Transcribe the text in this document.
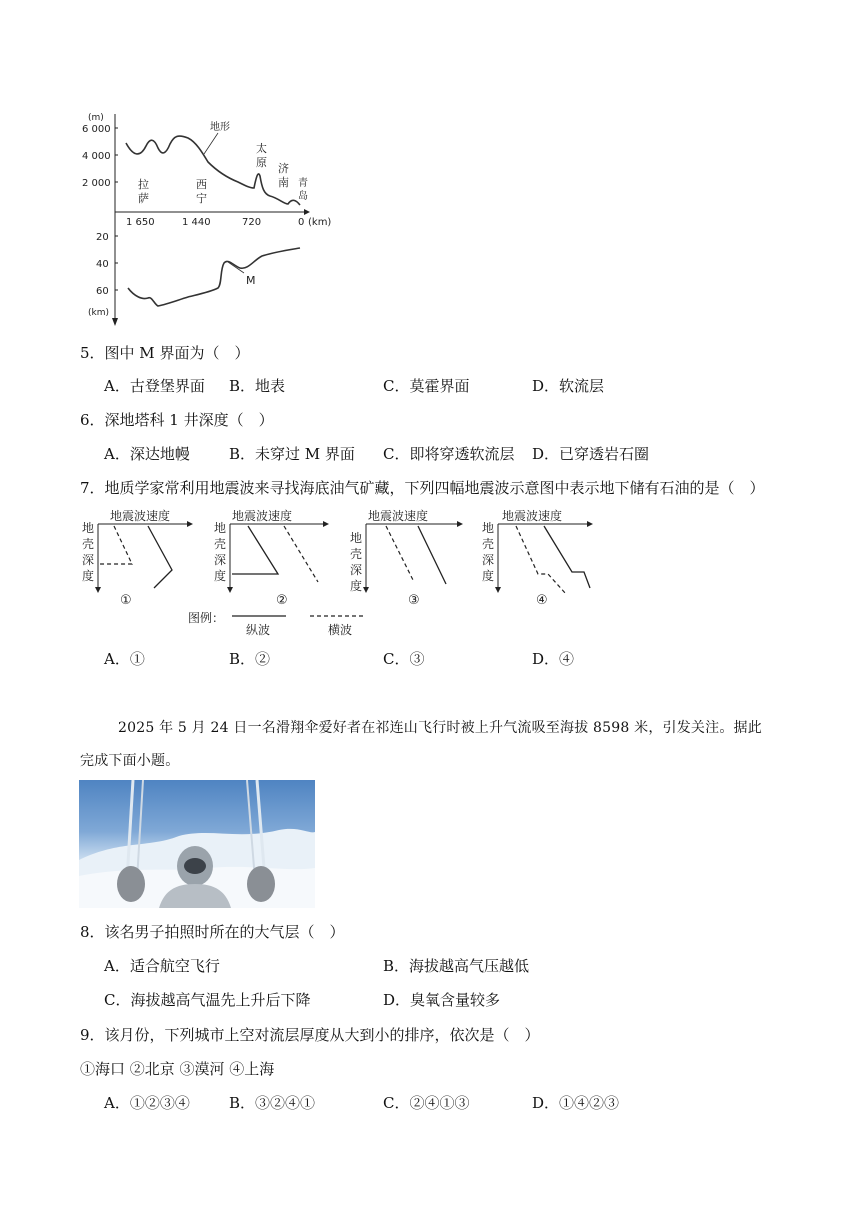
(m)
6 000
4 000
2 000
地形
拉
萨
西
宁
太
原 济
南 青
岛
1 650	1 440	720	0 (km)
20
40
60
(km)
M
5．图中 M 界面为（　）
A．古登堡界面 B．地表	C．莫霍界面	D．软流层
6．深地塔科 1 井深度（　）
A．深达地幔	B．未穿过 M 界面 C．即将穿透软流层 D．已穿透岩石圈
7．地质学家常利用地震波来寻找海底油气矿藏，下列四幅地震波示意图中表示地下储有石油的是（　）
地震波速度
地
壳
深
度
①
地震波速度
地
壳
深
度
②
地震波速度
地
壳
深
度
③
地震波速度
地
壳
深
度
④
图例：
纵波	横波
A．①	B．②	C．③	D．④
2025 年 5 月 24 日一名滑翔伞爱好者在祁连山飞行时被上升气流吸至海拔 8598 米，引发关注。据此
完成下面小题。
8．该名男子拍照时所在的大气层（　）
A．适合航空飞行	B．海拔越高气压越低
C．海拔越高气温先上升后下降	D．臭氧含量较多
9．该月份，下列城市上空对流层厚度从大到小的排序，依次是（　）
①海口 ②北京 ③漠河 ④上海
A．①②③④	B．③②④①	C．②④①③	D．①④②③
